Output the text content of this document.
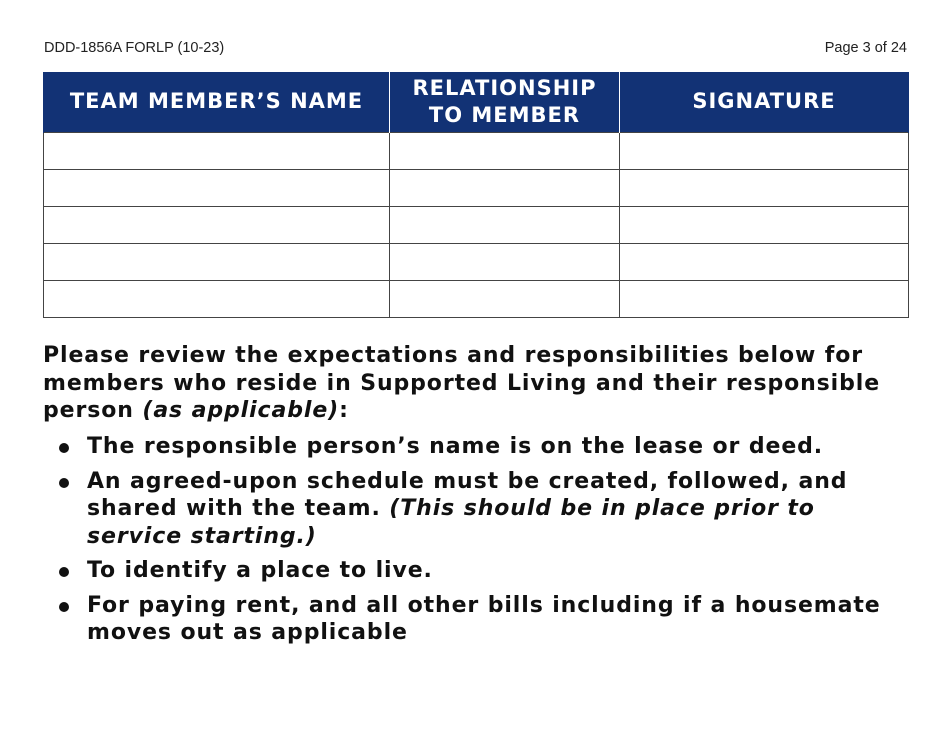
DDD-1856A FORLP (10-23)	Page 3 of 24
TEAM MEMBER’S NAME	RELATIONSHIP TO MEMBER	SIGNATURE

Please review the expectations and responsibilities below for members who reside in Supported Living and their responsible person (as applicable):

The responsible person’s name is on the lease or deed.
An agreed-upon schedule must be created, followed, and shared with the team. (This should be in place prior to service starting.)
To identify a place to live.
For paying rent, and all other bills including if a housemate moves out as applicable
